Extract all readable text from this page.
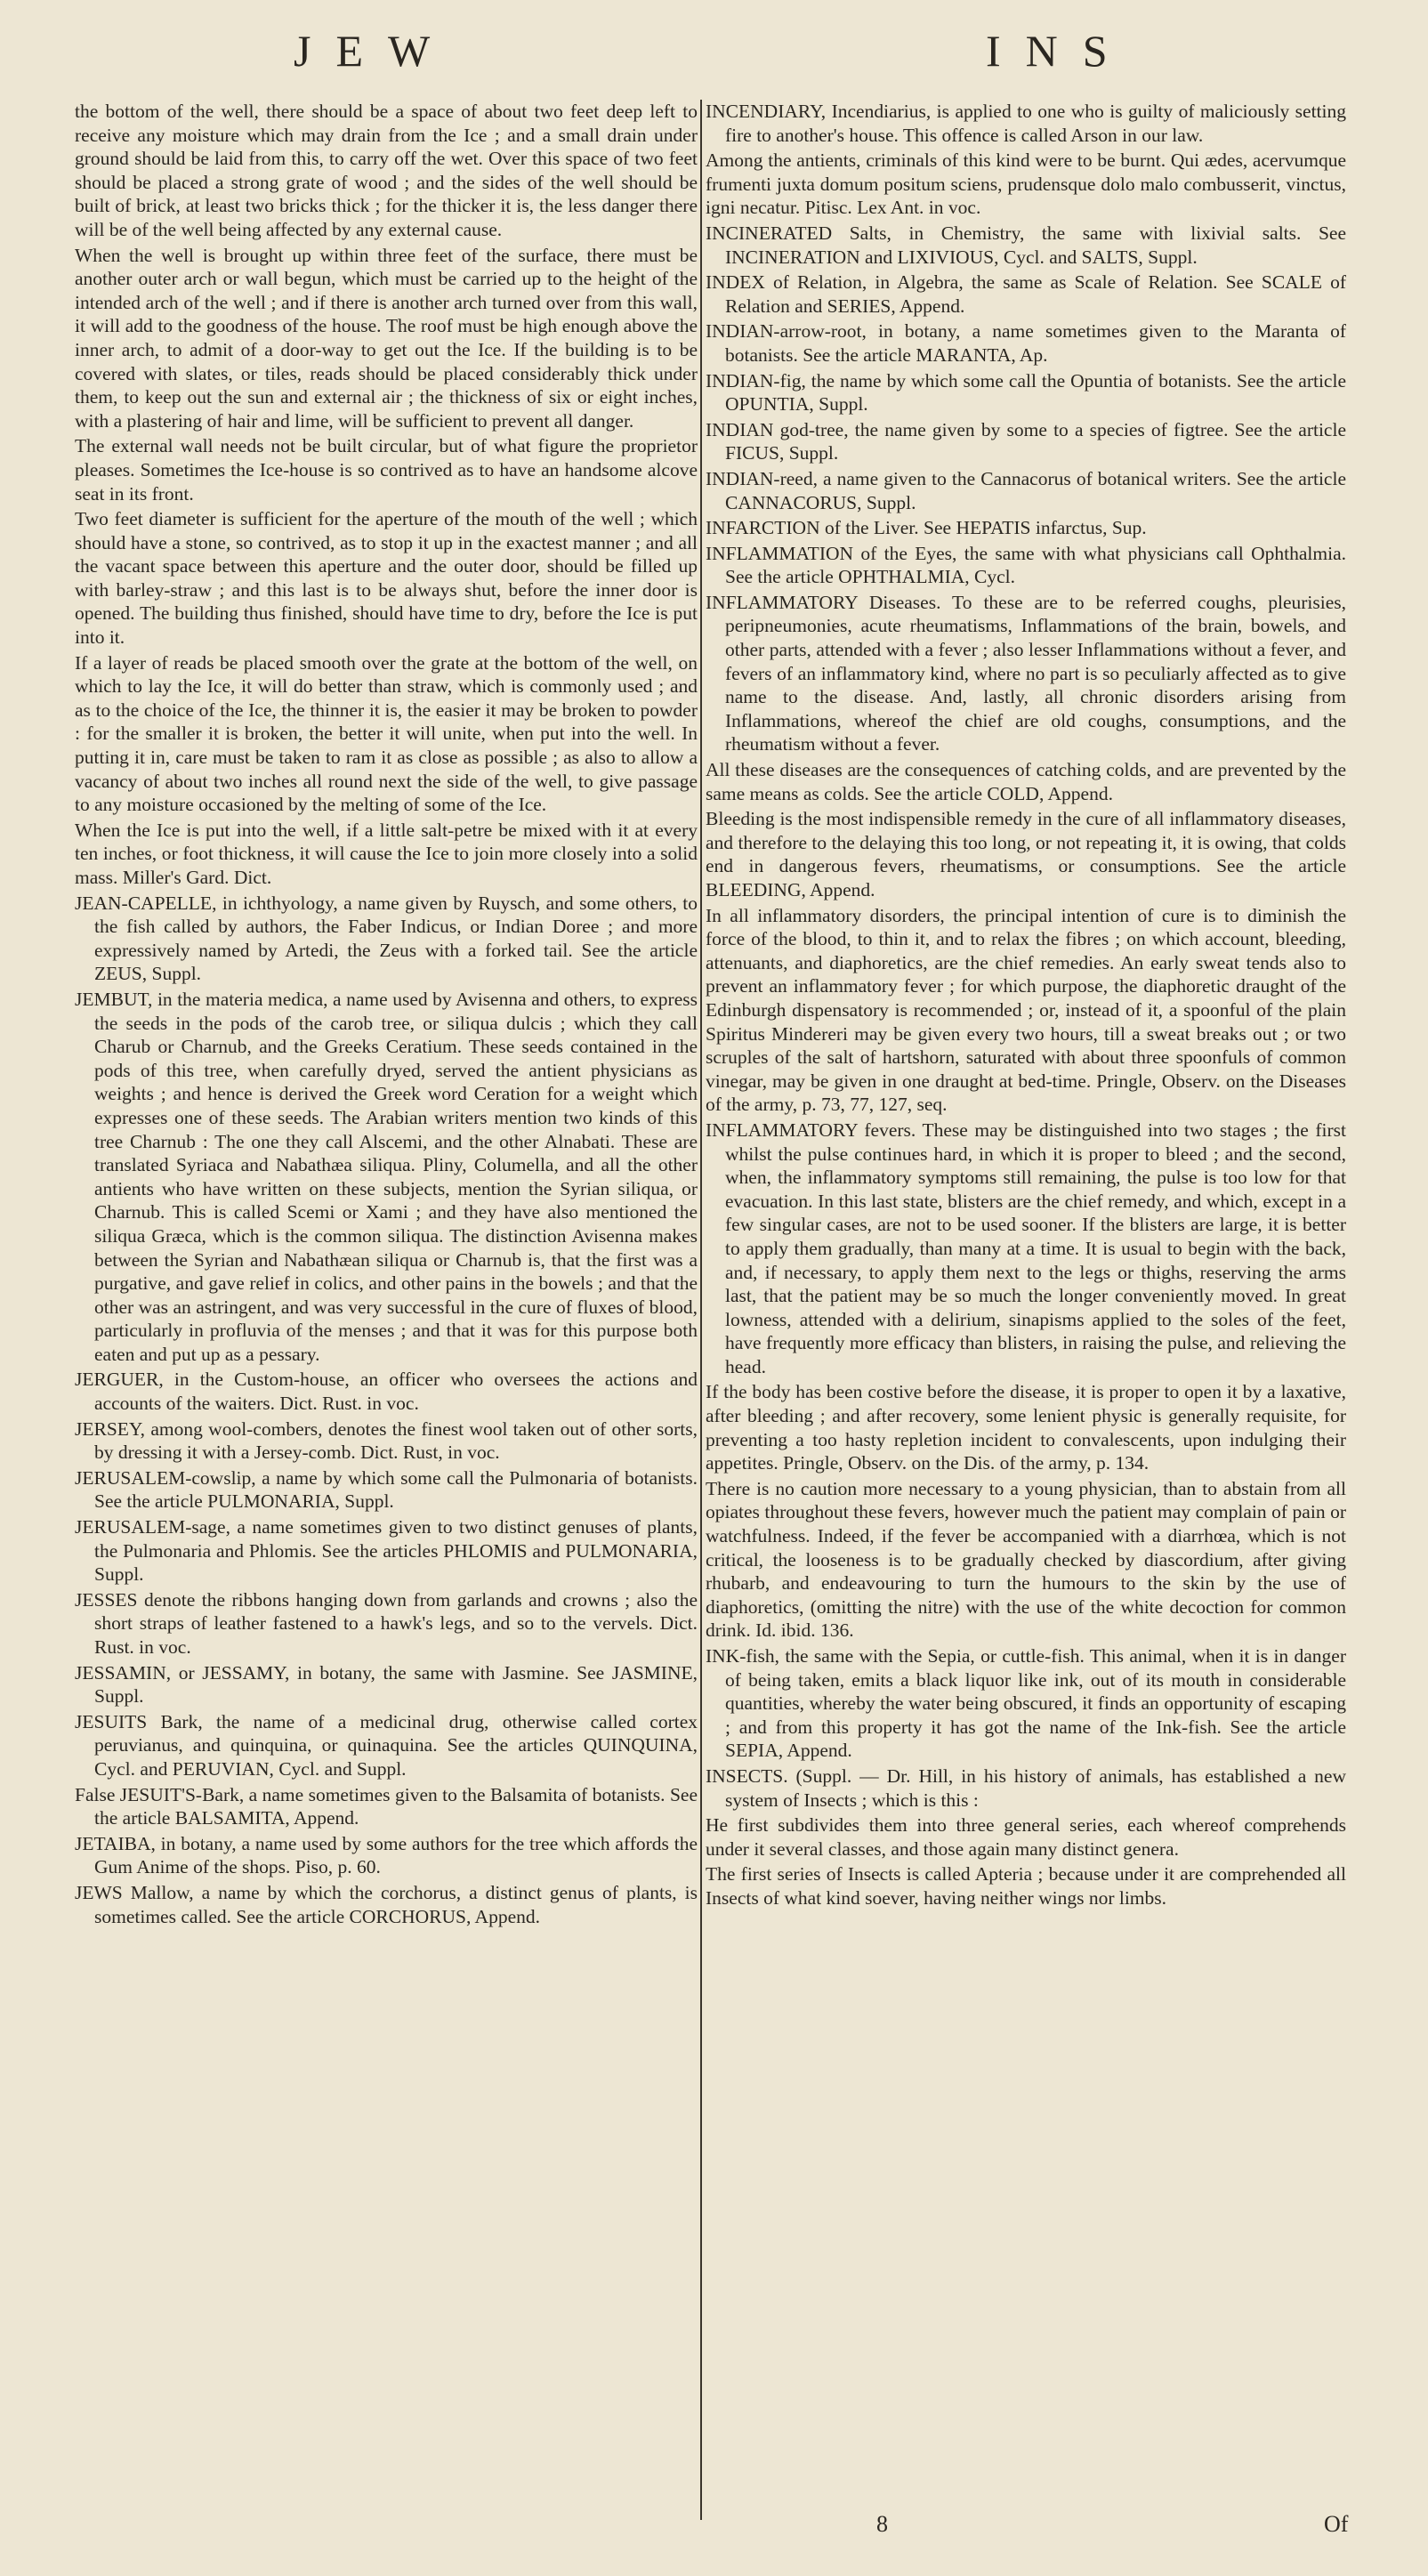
JEW	INS

the bottom of the well, there should be a space of about two feet deep left to receive any moisture which may drain from the Ice ; and a small drain under ground should be laid from this, to carry off the wet. Over this space of two feet should be placed a strong grate of wood ; and the sides of the well should be built of brick, at least two bricks thick ; for the thicker it is, the less danger there will be of the well being affected by any external cause.

When the well is brought up within three feet of the surface, there must be another outer arch or wall begun, which must be carried up to the height of the intended arch of the well ; and if there is another arch turned over from this wall, it will add to the goodness of the house. The roof must be high enough above the inner arch, to admit of a door-way to get out the Ice. If the building is to be covered with slates, or tiles, reads should be placed considerably thick under them, to keep out the sun and external air ; the thickness of six or eight inches, with a plastering of hair and lime, will be sufficient to prevent all danger.

The external wall needs not be built circular, but of what figure the proprietor pleases. Sometimes the Ice-house is so contrived as to have an handsome alcove seat in its front.

Two feet diameter is sufficient for the aperture of the mouth of the well ; which should have a stone, so contrived, as to stop it up in the exactest manner ; and all the vacant space between this aperture and the outer door, should be filled up with barley-straw ; and this last is to be always shut, before the inner door is opened. The building thus finished, should have time to dry, before the Ice is put into it.

If a layer of reads be placed smooth over the grate at the bottom of the well, on which to lay the Ice, it will do better than straw, which is commonly used ; and as to the choice of the Ice, the thinner it is, the easier it may be broken to powder : for the smaller it is broken, the better it will unite, when put into the well. In putting it in, care must be taken to ram it as close as possible ; as also to allow a vacancy of about two inches all round next the side of the well, to give passage to any moisture occasioned by the melting of some of the Ice.

When the Ice is put into the well, if a little salt-petre be mixed with it at every ten inches, or foot thickness, it will cause the Ice to join more closely into a solid mass. Miller's Gard. Dict.

JEAN-CAPELLE, in ichthyology, a name given by Ruysch, and some others, to the fish called by authors, the Faber Indicus, or Indian Doree ; and more expressively named by Artedi, the Zeus with a forked tail. See the article ZEUS, Suppl.

JEMBUT, in the materia medica, a name used by Avisenna and others, to express the seeds in the pods of the carob tree, or siliqua dulcis ; which they call Charub or Charnub, and the Greeks Ceratium. These seeds contained in the pods of this tree, when carefully dryed, served the antient physicians as weights ; and hence is derived the Greek word Ceration for a weight which expresses one of these seeds. The Arabian writers mention two kinds of this tree Charnub : The one they call Alscemi, and the other Alnabati. These are translated Syriaca and Nabathæa siliqua. Pliny, Columella, and all the other antients who have written on these subjects, mention the Syrian siliqua, or Charnub. This is called Scemi or Xami ; and they have also mentioned the siliqua Græca, which is the common siliqua. The distinction Avisenna makes between the Syrian and Nabathæan siliqua or Charnub is, that the first was a purgative, and gave relief in colics, and other pains in the bowels ; and that the other was an astringent, and was very successful in the cure of fluxes of blood, particularly in profluvia of the menses ; and that it was for this purpose both eaten and put up as a pessary.

JERGUER, in the Custom-house, an officer who oversees the actions and accounts of the waiters. Dict. Rust. in voc.

JERSEY, among wool-combers, denotes the finest wool taken out of other sorts, by dressing it with a Jersey-comb. Dict. Rust, in voc.

JERUSALEM-cowslip, a name by which some call the Pulmonaria of botanists. See the article PULMONARIA, Suppl.

JERUSALEM-sage, a name sometimes given to two distinct genuses of plants, the Pulmonaria and Phlomis. See the articles PHLOMIS and PULMONARIA, Suppl.

JESSES denote the ribbons hanging down from garlands and crowns ; also the short straps of leather fastened to a hawk's legs, and so to the vervels. Dict. Rust. in voc.

JESSAMIN, or JESSAMY, in botany, the same with Jasmine. See JASMINE, Suppl.

JESUITS Bark, the name of a medicinal drug, otherwise called cortex peruvianus, and quinquina, or quinaquina. See the articles QUINQUINA, Cycl. and PERUVIAN, Cycl. and Suppl.

False JESUIT'S-Bark, a name sometimes given to the Balsamita of botanists. See the article BALSAMITA, Append.

JETAIBA, in botany, a name used by some authors for the tree which affords the Gum Anime of the shops. Piso, p. 60.

JEWS Mallow, a name by which the corchorus, a distinct genus of plants, is sometimes called. See the article CORCHORUS, Append.

INCENDIARY, Incendiarius, is applied to one who is guilty of maliciously setting fire to another's house. This offence is called Arson in our law.

Among the antients, criminals of this kind were to be burnt. Qui ædes, acervumque frumenti juxta domum positum sciens, prudensque dolo malo combusserit, vinctus, igni necatur. Pitisc. Lex Ant. in voc.

INCINERATED Salts, in Chemistry, the same with lixivial salts. See INCINERATION and LIXIVIOUS, Cycl. and SALTS, Suppl.

INDEX of Relation, in Algebra, the same as Scale of Relation. See SCALE of Relation and SERIES, Append.

INDIAN-arrow-root, in botany, a name sometimes given to the Maranta of botanists. See the article MARANTA, Ap.

INDIAN-fig, the name by which some call the Opuntia of botanists. See the article OPUNTIA, Suppl.

INDIAN god-tree, the name given by some to a species of figtree. See the article FICUS, Suppl.

INDIAN-reed, a name given to the Cannacorus of botanical writers. See the article CANNACORUS, Suppl.

INFARCTION of the Liver. See HEPATIS infarctus, Sup.

INFLAMMATION of the Eyes, the same with what physicians call Ophthalmia. See the article OPHTHALMIA, Cycl.

INFLAMMATORY Diseases. To these are to be referred coughs, pleurisies, peripneumonies, acute rheumatisms, Inflammations of the brain, bowels, and other parts, attended with a fever ; also lesser Inflammations without a fever, and fevers of an inflammatory kind, where no part is so peculiarly affected as to give name to the disease. And, lastly, all chronic disorders arising from Inflammations, whereof the chief are old coughs, consumptions, and the rheumatism without a fever.

All these diseases are the consequences of catching colds, and are prevented by the same means as colds. See the article COLD, Append.

Bleeding is the most indispensible remedy in the cure of all inflammatory diseases, and therefore to the delaying this too long, or not repeating it, it is owing, that colds end in dangerous fevers, rheumatisms, or consumptions. See the article BLEEDING, Append.

In all inflammatory disorders, the principal intention of cure is to diminish the force of the blood, to thin it, and to relax the fibres ; on which account, bleeding, attenuants, and diaphoretics, are the chief remedies. An early sweat tends also to prevent an inflammatory fever ; for which purpose, the diaphoretic draught of the Edinburgh dispensatory is recommended ; or, instead of it, a spoonful of the plain Spiritus Mindereri may be given every two hours, till a sweat breaks out ; or two scruples of the salt of hartshorn, saturated with about three spoonfuls of common vinegar, may be given in one draught at bed-time. Pringle, Observ. on the Diseases of the army, p. 73, 77, 127, seq.

INFLAMMATORY fevers. These may be distinguished into two stages ; the first whilst the pulse continues hard, in which it is proper to bleed ; and the second, when, the inflammatory symptoms still remaining, the pulse is too low for that evacuation. In this last state, blisters are the chief remedy, and which, except in a few singular cases, are not to be used sooner. If the blisters are large, it is better to apply them gradually, than many at a time. It is usual to begin with the back, and, if necessary, to apply them next to the legs or thighs, reserving the arms last, that the patient may be so much the longer conveniently moved. In great lowness, attended with a delirium, sinapisms applied to the soles of the feet, have frequently more efficacy than blisters, in raising the pulse, and relieving the head.

If the body has been costive before the disease, it is proper to open it by a laxative, after bleeding ; and after recovery, some lenient physic is generally requisite, for preventing a too hasty repletion incident to convalescents, upon indulging their appetites. Pringle, Observ. on the Dis. of the army, p. 134.

There is no caution more necessary to a young physician, than to abstain from all opiates throughout these fevers, however much the patient may complain of pain or watchfulness. Indeed, if the fever be accompanied with a diarrhœa, which is not critical, the looseness is to be gradually checked by diascordium, after giving rhubarb, and endeavouring to turn the humours to the skin by the use of diaphoretics, (omitting the nitre) with the use of the white decoction for common drink. Id. ibid. 136.

INK-fish, the same with the Sepia, or cuttle-fish. This animal, when it is in danger of being taken, emits a black liquor like ink, out of its mouth in considerable quantities, whereby the water being obscured, it finds an opportunity of escaping ; and from this property it has got the name of the Ink-fish. See the article SEPIA, Append.

INSECTS. (Suppl. — Dr. Hill, in his history of animals, has established a new system of Insects ; which is this :

He first subdivides them into three general series, each whereof comprehends under it several classes, and those again many distinct genera.

The first series of Insects is called Apteria ; because under it are comprehended all Insects of what kind soever, having neither wings nor limbs.

8	Of
